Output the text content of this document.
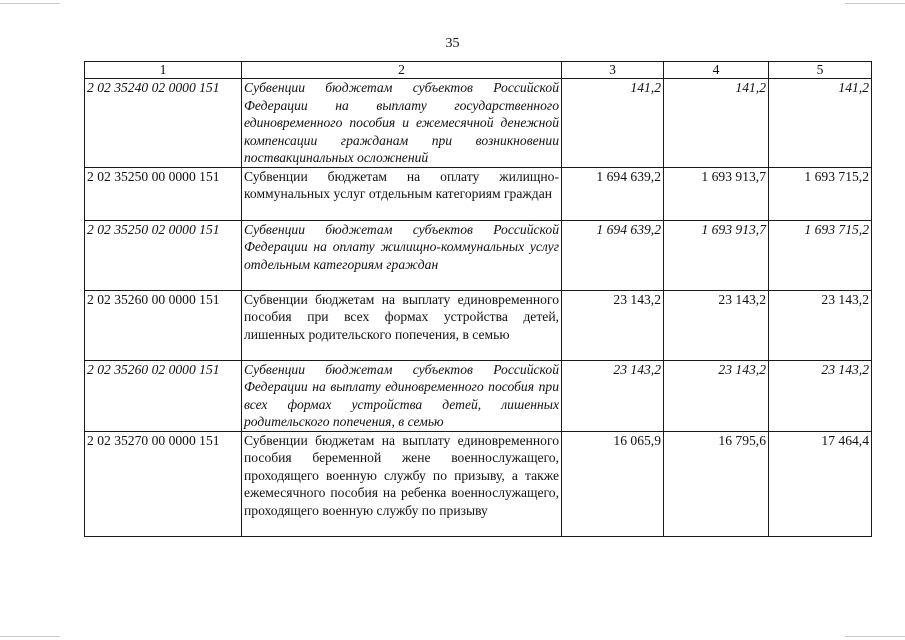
35
1	2	3	4	5
2 02 35240 02 0000 151	Субвенции бюджетам субъектов Российской Федерации на выплату государственного единовременного пособия и ежемесячной денежной компенсации гражданам при возникновении поствакцинальных осложнений	141,2	141,2	141,2
2 02 35250 00 0000 151	Субвенции бюджетам на оплату жилищно-коммунальных услуг отдельным категориям граждан	1 694 639,2	1 693 913,7	1 693 715,2
2 02 35250 02 0000 151	Субвенции бюджетам субъектов Российской Федерации на оплату жилищно-коммунальных услуг отдельным категориям граждан	1 694 639,2	1 693 913,7	1 693 715,2
2 02 35260 00 0000 151	Субвенции бюджетам на выплату единовременного пособия при всех формах устройства детей, лишенных родительского попечения, в семью	23 143,2	23 143,2	23 143,2
2 02 35260 02 0000 151	Субвенции бюджетам субъектов Российской Федерации на выплату единовременного пособия при всех формах устройства детей, лишенных родительского попечения, в семью	23 143,2	23 143,2	23 143,2
2 02 35270 00 0000 151	Субвенции бюджетам на выплату единовременного пособия беременной жене военнослужащего, проходящего военную службу по призыву, а также ежемесячного пособия на ребенка военнослужащего, проходящего военную службу по призыву	16 065,9	16 795,6	17 464,4
